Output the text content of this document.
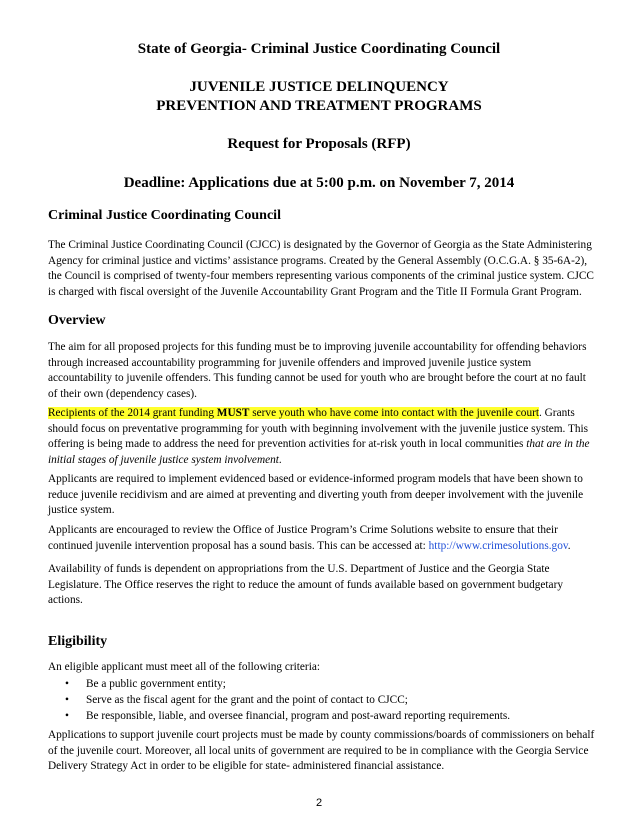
State of Georgia- Criminal Justice Coordinating Council
JUVENILE JUSTICE DELINQUENCY
PREVENTION AND TREATMENT PROGRAMS
Request for Proposals (RFP)
Deadline: Applications due at 5:00 p.m. on November 7, 2014
Criminal Justice Coordinating Council
The Criminal Justice Coordinating Council (CJCC) is designated by the Governor of Georgia as the State Administering
Agency for criminal justice and victims’ assistance programs. Created by the General Assembly (O.C.G.A. § 35-6A-2),
the Council is comprised of twenty-four members representing various components of the criminal justice system. CJCC
is charged with fiscal oversight of the Juvenile Accountability Grant Program and the Title II Formula Grant Program.
Overview
The aim for all proposed projects for this funding must be to improving juvenile accountability for offending behaviors
through increased accountability programming for juvenile offenders and improved juvenile justice system
accountability to juvenile offenders. This funding cannot be used for youth who are brought before the court at no fault
of their own (dependency cases).
Recipients of the 2014 grant funding MUST serve youth who have come into contact with the juvenile court. Grants
should focus on preventative programming for youth with beginning involvement with the juvenile justice system. This
offering is being made to address the need for prevention activities for at-risk youth in local communities that are in the
initial stages of juvenile justice system involvement.
Applicants are required to implement evidenced based or evidence-informed program models that have been shown to
reduce juvenile recidivism and are aimed at preventing and diverting youth from deeper involvement with the juvenile
justice system.
Applicants are encouraged to review the Office of Justice Program’s Crime Solutions website to ensure that their
continued juvenile intervention proposal has a sound basis. This can be accessed at: http://www.crimesolutions.gov.
Availability of funds is dependent on appropriations from the U.S. Department of Justice and the Georgia State
Legislature. The Office reserves the right to reduce the amount of funds available based on government budgetary
actions.
Eligibility
An eligible applicant must meet all of the following criteria:
• Be a public government entity;
• Serve as the fiscal agent for the grant and the point of contact to CJCC;
• Be responsible, liable, and oversee financial, program and post-award reporting requirements.
Applications to support juvenile court projects must be made by county commissions/boards of commissioners on behalf
of the juvenile court. Moreover, all local units of government are required to be in compliance with the Georgia Service
Delivery Strategy Act in order to be eligible for state- administered financial assistance.
2
